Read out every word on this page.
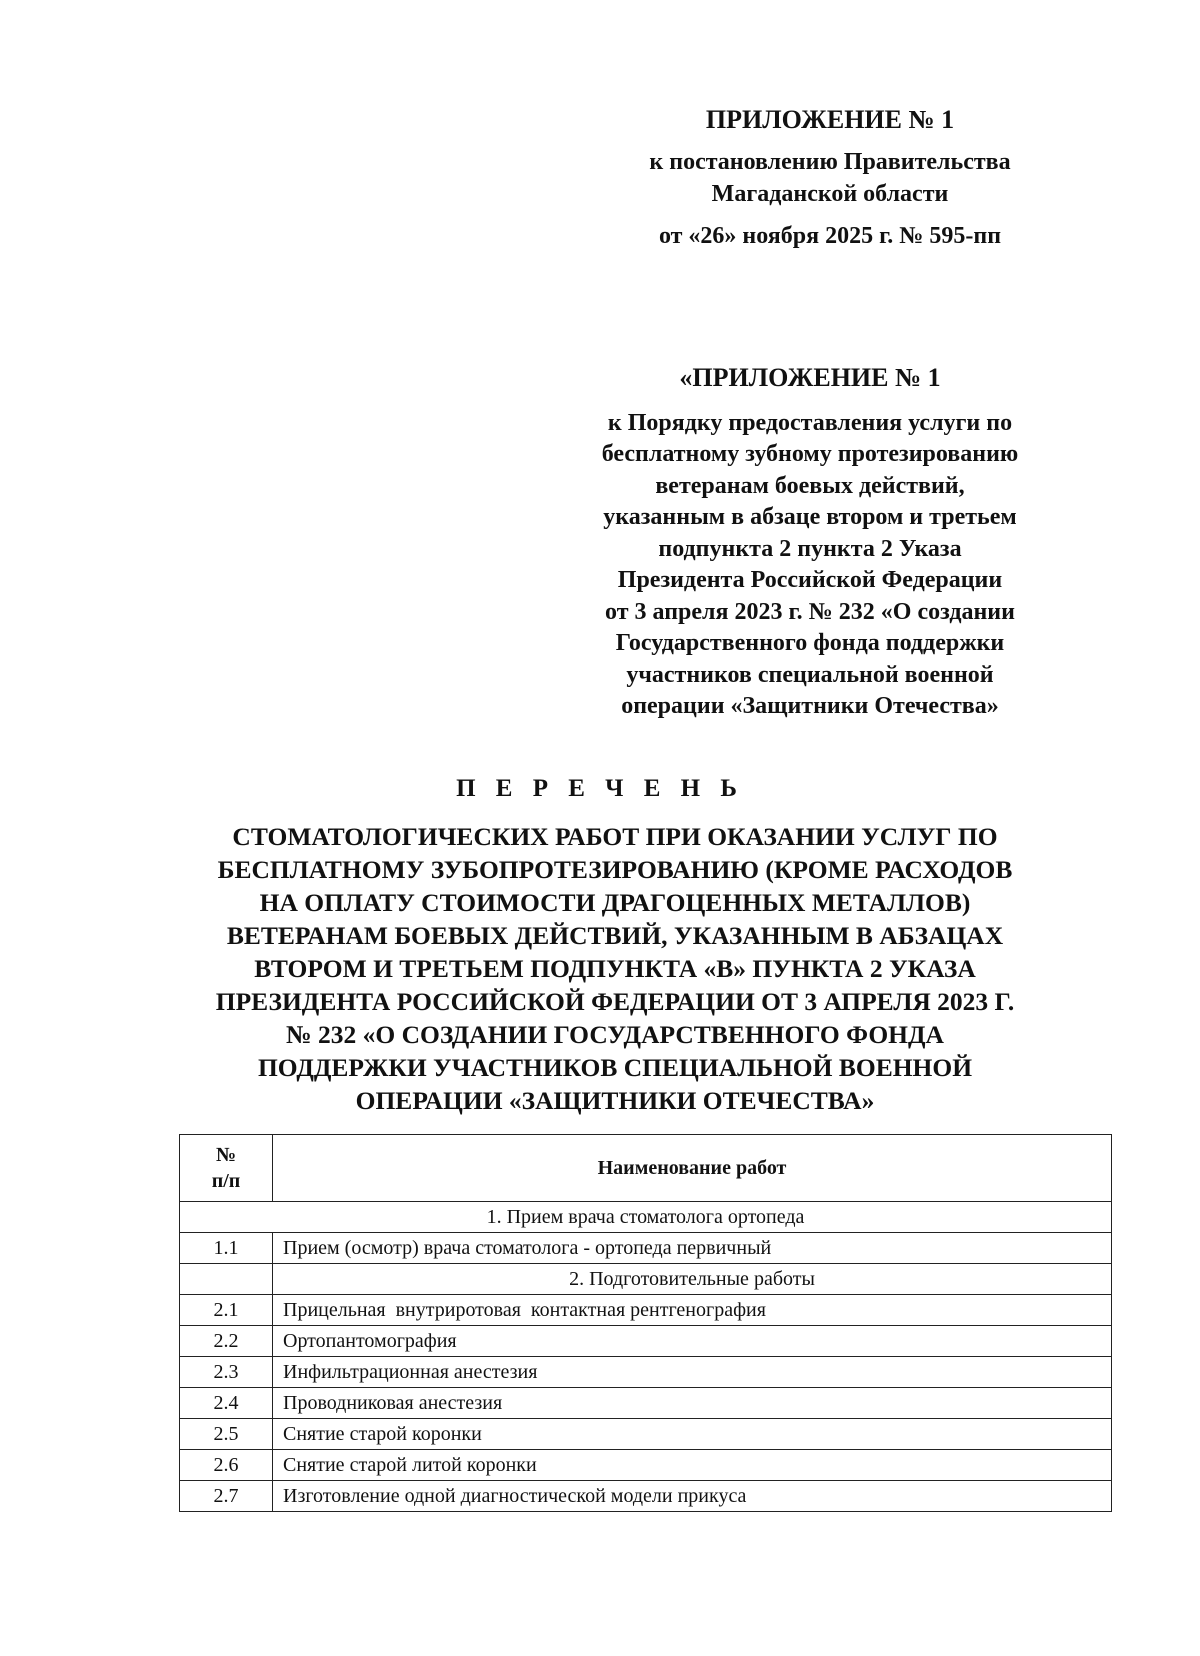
ПРИЛОЖЕНИЕ № 1
к постановлению Правительства
Магаданской области
от «26» ноября 2025 г. № 595-пп
«ПРИЛОЖЕНИЕ № 1
к Порядку предоставления услуги по
бесплатному зубному протезированию
ветеранам боевых действий,
указанным в абзаце втором и третьем
подпункта 2 пункта 2 Указа
Президента Российской Федерации
от 3 апреля 2023 г. № 232 «О создании
Государственного фонда поддержки
участников специальной военной
операции «Защитники Отечества»
П Е Р Е Ч Е Н Ь
СТОМАТОЛОГИЧЕСКИХ РАБОТ ПРИ ОКАЗАНИИ УСЛУГ ПО
БЕСПЛАТНОМУ ЗУБОПРОТЕЗИРОВАНИЮ (КРОМЕ РАСХОДОВ
НА ОПЛАТУ СТОИМОСТИ ДРАГОЦЕННЫХ МЕТАЛЛОВ)
ВЕТЕРАНАМ БОЕВЫХ ДЕЙСТВИЙ, УКАЗАННЫМ В АБЗАЦАХ
ВТОРОМ И ТРЕТЬЕМ ПОДПУНКТА «В» ПУНКТА 2 УКАЗА
ПРЕЗИДЕНТА РОССИЙСКОЙ ФЕДЕРАЦИИ ОТ 3 АПРЕЛЯ 2023 Г.
№ 232 «О СОЗДАНИИ ГОСУДАРСТВЕННОГО ФОНДА
ПОДДЕРЖКИ УЧАСТНИКОВ СПЕЦИАЛЬНОЙ ВОЕННОЙ
ОПЕРАЦИИ «ЗАЩИТНИКИ ОТЕЧЕСТВА»
№
п/п	Наименование работ
1. Прием врача стоматолога ортопеда	
1.1	Прием (осмотр) врача стоматолога - ортопеда первичный
	2. Подготовительные работы
2.1	Прицельная  внутриротовая  контактная рентгенография
2.2	Ортопантомография
2.3	Инфильтрационная анестезия
2.4	Проводниковая анестезия
2.5	Снятие старой коронки
2.6	Снятие старой литой коронки
2.7	Изготовление одной диагностической модели прикуса
